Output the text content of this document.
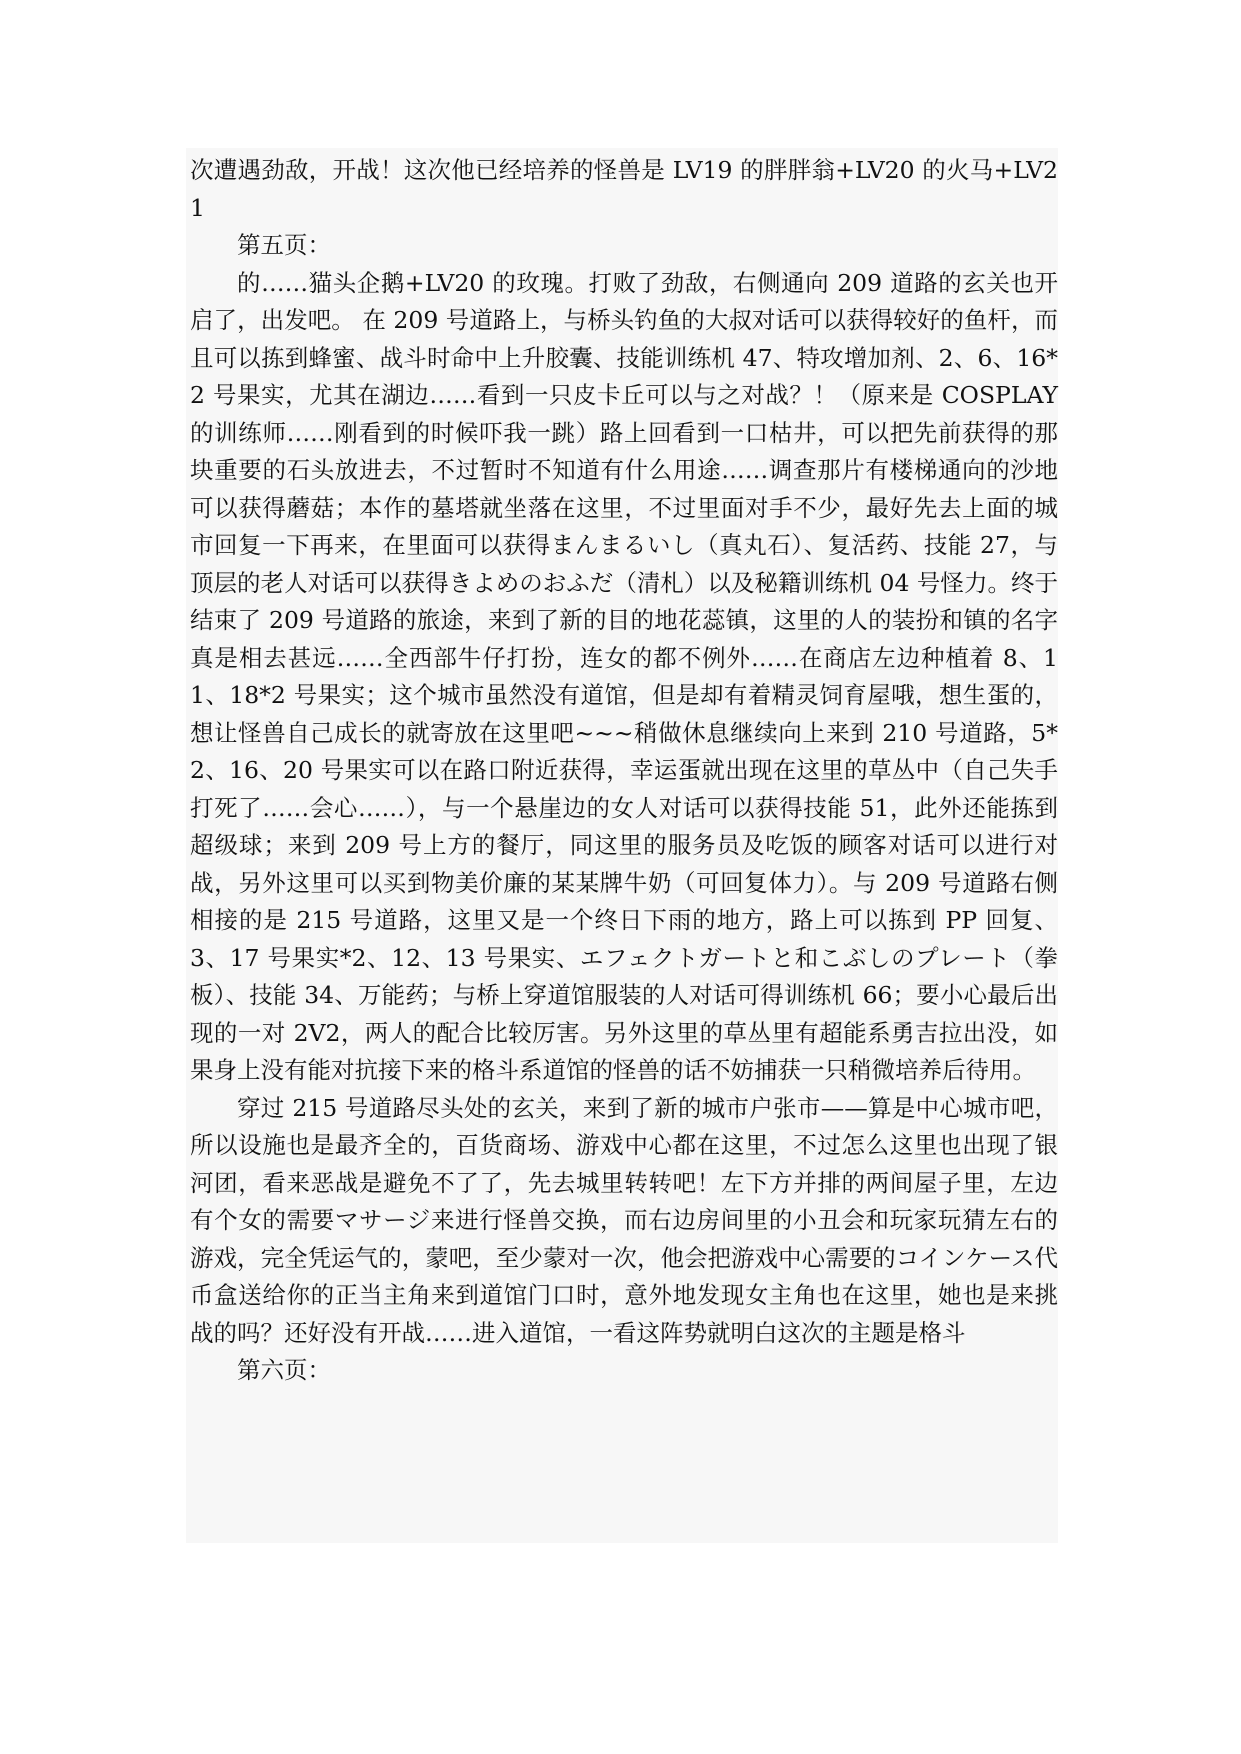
次遭遇劲敌，开战！这次他已经培养的怪兽是 LV19 的胖胖翁+LV20 的火马+LV21

第五页：

的……猫头企鹅+LV20 的玫瑰。打败了劲敌，右侧通向 209 道路的玄关也开启了，出发吧。 在 209 号道路上，与桥头钓鱼的大叔对话可以获得较好的鱼杆，而且可以拣到蜂蜜、战斗时命中上升胶囊、技能训练机 47、特攻增加剂、2、6、16*2 号果实，尤其在湖边……看到一只皮卡丘可以与之对战？！（原来是 COSPLAY 的训练师……刚看到的时候吓我一跳）路上回看到一口枯井，可以把先前获得的那块重要的石头放进去，不过暂时不知道有什么用途……调查那片有楼梯通向的沙地可以获得蘑菇；本作的墓塔就坐落在这里，不过里面对手不少，最好先去上面的城市回复一下再来，在里面可以获得まんまるいし（真丸石）、复活药、技能 27，与顶层的老人对话可以获得きよめのおふだ（清札）以及秘籍训练机 04 号怪力。终于结束了 209 号道路的旅途，来到了新的目的地花蕊镇，这里的人的装扮和镇的名字真是相去甚远……全西部牛仔打扮，连女的都不例外……在商店左边种植着 8、11、18*2 号果实；这个城市虽然没有道馆，但是却有着精灵饲育屋哦，想生蛋的，想让怪兽自己成长的就寄放在这里吧~~~稍做休息继续向上来到 210 号道路，5*2、16、20 号果实可以在路口附近获得，幸运蛋就出现在这里的草丛中（自己失手打死了……会心……），与一个悬崖边的女人对话可以获得技能 51，此外还能拣到超级球；来到 209 号上方的餐厅，同这里的服务员及吃饭的顾客对话可以进行对战，另外这里可以买到物美价廉的某某牌牛奶（可回复体力）。与 209 号道路右侧相接的是 215 号道路，这里又是一个终日下雨的地方，路上可以拣到 PP 回复、3、17 号果实*2、12、13 号果实、エフェクトガートと和こぶしのプレート（拳板）、技能 34、万能药；与桥上穿道馆服装的人对话可得训练机 66；要小心最后出现的一对 2V2，两人的配合比较厉害。另外这里的草丛里有超能系勇吉拉出没，如果身上没有能对抗接下来的格斗系道馆的怪兽的话不妨捕获一只稍微培养后待用。

穿过 215 号道路尽头处的玄关，来到了新的城市户张市——算是中心城市吧，所以设施也是最齐全的，百货商场、游戏中心都在这里，不过怎么这里也出现了银河团，看来恶战是避免不了了，先去城里转转吧！左下方并排的两间屋子里，左边有个女的需要マサージ来进行怪兽交换，而右边房间里的小丑会和玩家玩猜左右的游戏，完全凭运气的，蒙吧，至少蒙对一次，他会把游戏中心需要的コインケース代币盒送给你的正当主角来到道馆门口时，意外地发现女主角也在这里，她也是来挑战的吗？还好没有开战……进入道馆，一看这阵势就明白这次的主题是格斗

第六页：
